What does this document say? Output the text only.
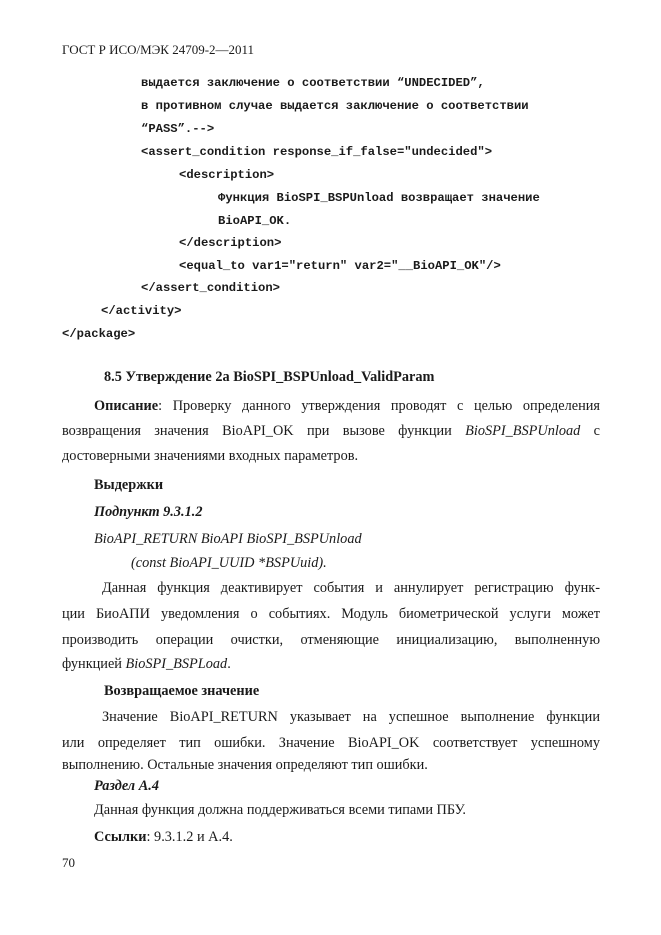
ГОСТ Р ИСО/МЭК 24709-2—2011
выдается заключение о соответствии “UNDECIDED”,
в противном случае выдается заключение о соответствии
“PASS”.-->
<assert_condition response_if_false="undecided">
<description>
Функция BioSPI_BSPUnload возвращает значение
BioAPI_OK.
</description>
<equal_to var1="return" var2="__BioAPI_OK"/>
</assert_condition>
</activity>
</package>
8.5 Утверждение 2a BioSPI_BSPUnload_ValidParam
Описание: Проверку данного утверждения проводят с целью определения
возвращения значения BioAPI_OK при вызове функции BioSPI_BSPUnload с
достоверными значениями входных параметров.
Выдержки
Подпункт 9.3.1.2
BioAPI_RETURN BioAPI BioSPI_BSPUnload
(const BioAPI_UUID *BSPUuid).
Данная функция деактивирует события и аннулирует регистрацию функ-
ции БиоАПИ уведомления о событиях. Модуль биометрической услуги может
производить операции очистки, отменяющие инициализацию, выполненную
функцией BioSPI_BSPLoad.
Возвращаемое значение
Значение BioAPI_RETURN указывает на успешное выполнение функции
или определяет тип ошибки. Значение BioAPI_OK соответствует успешному
выполнению. Остальные значения определяют тип ошибки.
Раздел А.4
Данная функция должна поддерживаться всеми типами ПБУ.
Ссылки: 9.3.1.2 и А.4.
70
